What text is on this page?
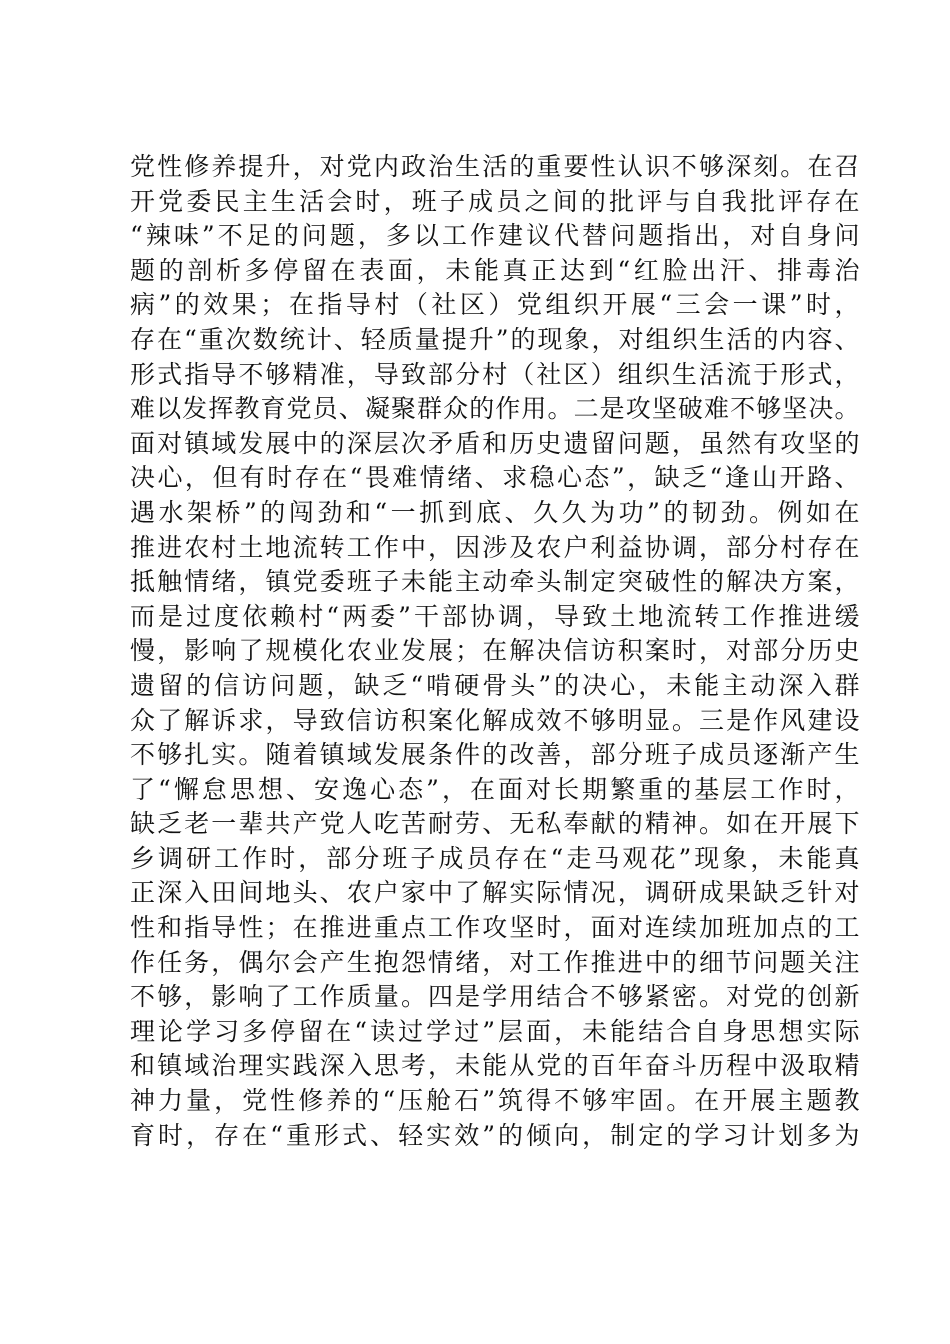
党性修养提升，对党内政治生活的重要性认识不够深刻。在召
开党委民主生活会时，班子成员之间的批评与自我批评存在
“辣味”不足的问题，多以工作建议代替问题指出，对自身问
题的剖析多停留在表面，未能真正达到“红脸出汗、排毒治
病”的效果；在指导村（社区）党组织开展“三会一课”时，
存在“重次数统计、轻质量提升”的现象，对组织生活的内容、
形式指导不够精准，导致部分村（社区）组织生活流于形式，
难以发挥教育党员、凝聚群众的作用。二是攻坚破难不够坚决。
面对镇域发展中的深层次矛盾和历史遗留问题，虽然有攻坚的
决心，但有时存在“畏难情绪、求稳心态”，缺乏“逢山开路、
遇水架桥”的闯劲和“一抓到底、久久为功”的韧劲。例如在
推进农村土地流转工作中，因涉及农户利益协调，部分村存在
抵触情绪，镇党委班子未能主动牵头制定突破性的解决方案，
而是过度依赖村“两委”干部协调，导致土地流转工作推进缓
慢，影响了规模化农业发展；在解决信访积案时，对部分历史
遗留的信访问题，缺乏“啃硬骨头”的决心，未能主动深入群
众了解诉求，导致信访积案化解成效不够明显。三是作风建设
不够扎实。随着镇域发展条件的改善，部分班子成员逐渐产生
了“懈怠思想、安逸心态”，在面对长期繁重的基层工作时，
缺乏老一辈共产党人吃苦耐劳、无私奉献的精神。如在开展下
乡调研工作时，部分班子成员存在“走马观花”现象，未能真
正深入田间地头、农户家中了解实际情况，调研成果缺乏针对
性和指导性；在推进重点工作攻坚时，面对连续加班加点的工
作任务，偶尔会产生抱怨情绪，对工作推进中的细节问题关注
不够，影响了工作质量。四是学用结合不够紧密。对党的创新
理论学习多停留在“读过学过”层面，未能结合自身思想实际
和镇域治理实践深入思考，未能从党的百年奋斗历程中汲取精
神力量，党性修养的“压舱石”筑得不够牢固。在开展主题教
育时，存在“重形式、轻实效”的倾向，制定的学习计划多为
